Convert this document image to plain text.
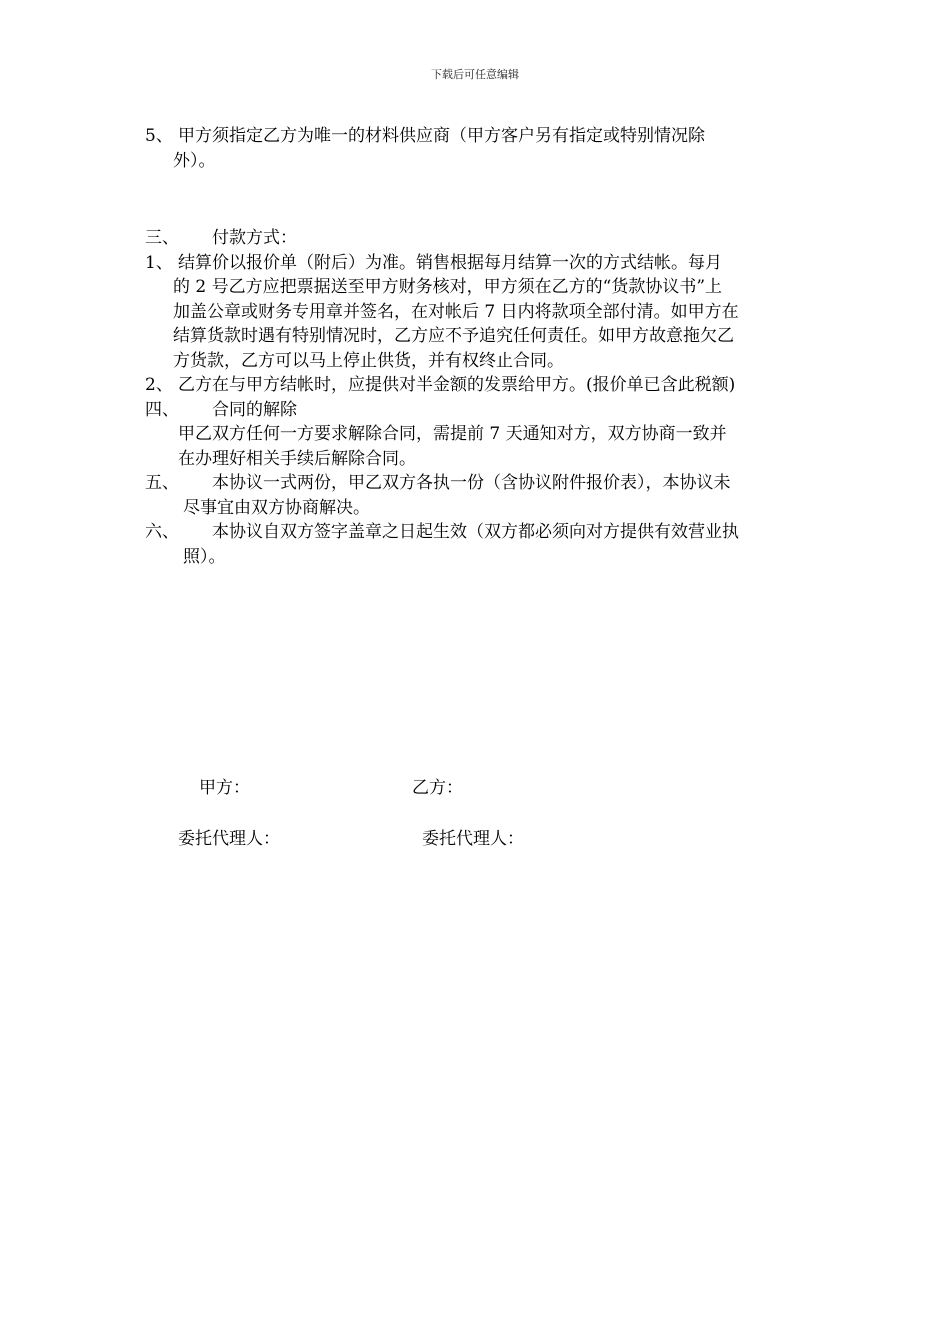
下载后可任意编辑
5、 甲方须指定乙方为唯一的材料供应商（甲方客户另有指定或特别情况除
外）。
三、 付款方式：
1、 结算价以报价单（附后）为准。销售根据每月结算一次的方式结帐。每月
的 2 号乙方应把票据送至甲方财务核对，甲方须在乙方的“货款协议书”上
加盖公章或财务专用章并签名，在对帐后 7 日内将款项全部付清。如甲方在
结算货款时遇有特别情况时，乙方应不予追究任何责任。如甲方故意拖欠乙
方货款，乙方可以马上停止供货，并有权终止合同。
2、 乙方在与甲方结帐时，应提供对半金额的发票给甲方。(报价单已含此税额)
四、 合同的解除
甲乙双方任何一方要求解除合同，需提前 7 天通知对方，双方协商一致并
在办理好相关手续后解除合同。
五、 本协议一式两份，甲乙双方各执一份（含协议附件报价表），本协议未
尽事宜由双方协商解决。
六、 本协议自双方签字盖章之日起生效（双方都必须向对方提供有效营业执
照）。
甲方：	乙方：
委托代理人：	委托代理人：
